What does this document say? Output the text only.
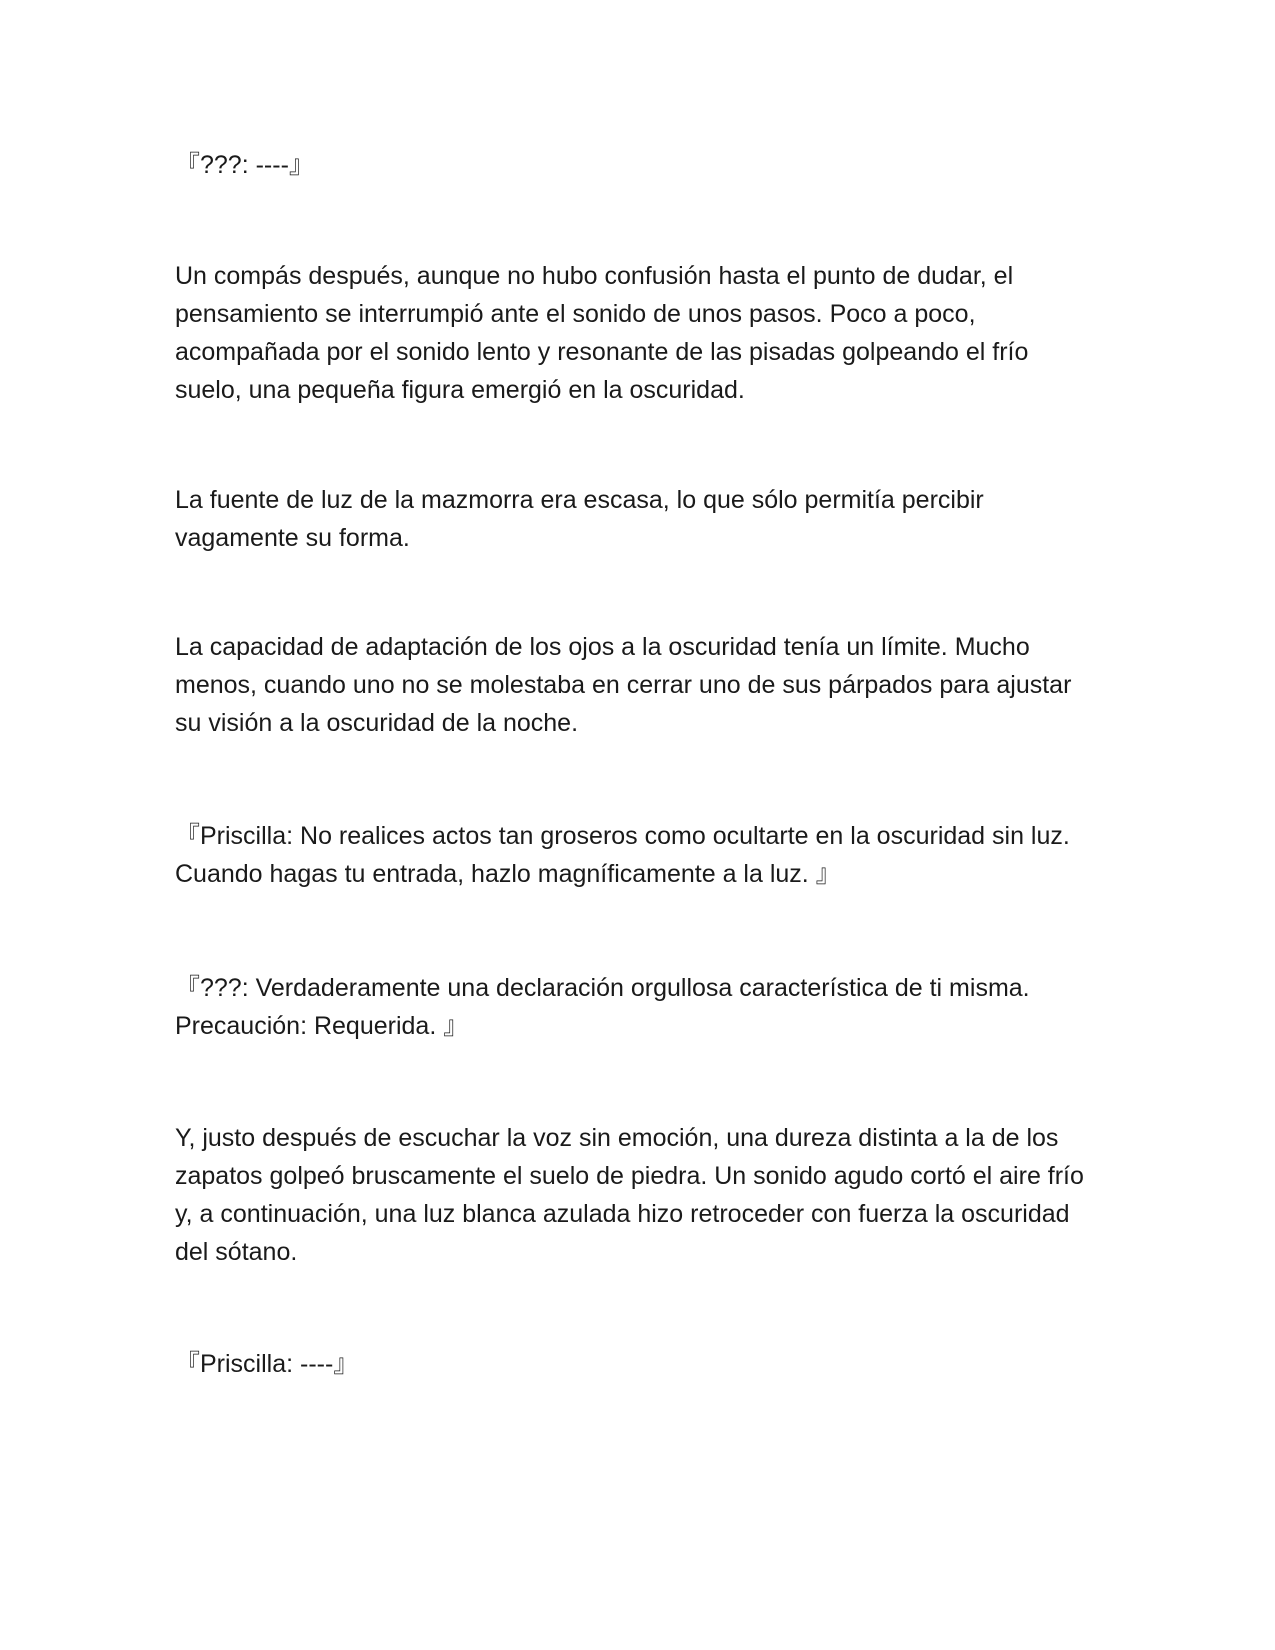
『???: ----』

Un compás después, aunque no hubo confusión hasta el punto de dudar, el pensamiento se interrumpió ante el sonido de unos pasos. Poco a poco, acompañada por el sonido lento y resonante de las pisadas golpeando el frío suelo, una pequeña figura emergió en la oscuridad.

La fuente de luz de la mazmorra era escasa, lo que sólo permitía percibir vagamente su forma.

La capacidad de adaptación de los ojos a la oscuridad tenía un límite. Mucho menos, cuando uno no se molestaba en cerrar uno de sus párpados para ajustar su visión a la oscuridad de la noche.

『Priscilla: No realices actos tan groseros como ocultarte en la oscuridad sin luz. Cuando hagas tu entrada, hazlo magníficamente a la luz. 』

『???: Verdaderamente una declaración orgullosa característica de ti misma. Precaución: Requerida. 』

Y, justo después de escuchar la voz sin emoción, una dureza distinta a la de los zapatos golpeó bruscamente el suelo de piedra. Un sonido agudo cortó el aire frío y, a continuación, una luz blanca azulada hizo retroceder con fuerza la oscuridad del sótano.

『Priscilla: ----』
